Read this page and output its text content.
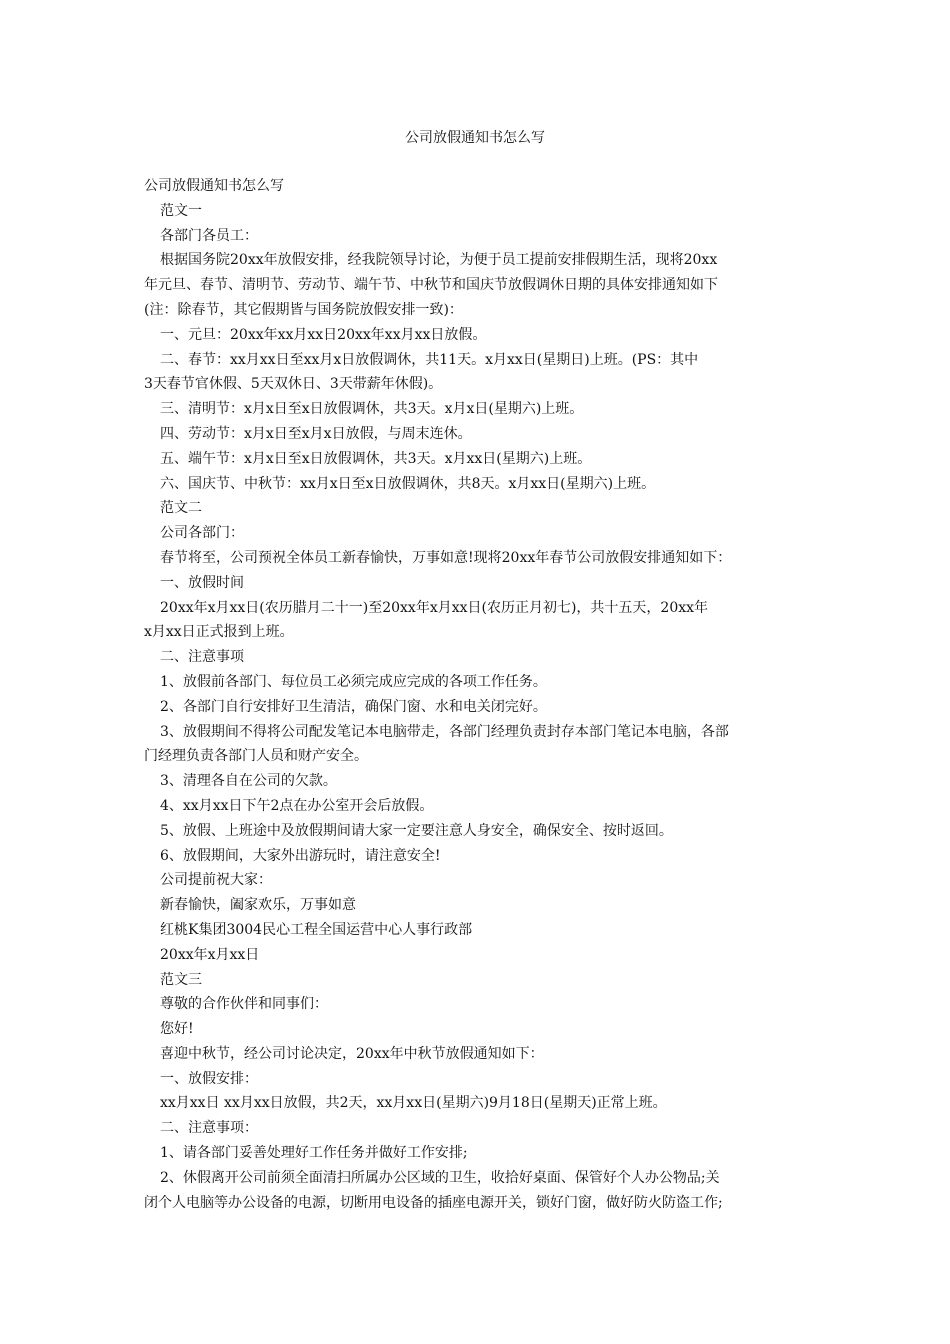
公司放假通知书怎么写
公司放假通知书怎么写
范文一
各部门各员工：
根据国务院20xx年放假安排，经我院领导讨论，为便于员工提前安排假期生活，现将20xx
年元旦、春节、清明节、劳动节、端午节、中秋节和国庆节放假调休日期的具体安排通知如下
(注：除春节，其它假期皆与国务院放假安排一致)：
一、元旦：20xx年xx月xx日20xx年xx月xx日放假。
二、春节：xx月xx日至xx月x日放假调休，共11天。x月xx日(星期日)上班。(PS：其中
3天春节官休假、5天双休日、3天带薪年休假)。
三、清明节：x月x日至x日放假调休，共3天。x月x日(星期六)上班。
四、劳动节：x月x日至x月x日放假，与周末连休。
五、端午节：x月x日至x日放假调休，共3天。x月xx日(星期六)上班。
六、国庆节、中秋节：xx月x日至x日放假调休，共8天。x月xx日(星期六)上班。
范文二
公司各部门：
春节将至，公司预祝全体员工新春愉快，万事如意!现将20xx年春节公司放假安排通知如下：
一、放假时间
20xx年x月xx日(农历腊月二十一)至20xx年x月xx日(农历正月初七)，共十五天，20xx年
x月xx日正式报到上班。
二、注意事项
1、放假前各部门、每位员工必须完成应完成的各项工作任务。
2、各部门自行安排好卫生清洁，确保门窗、水和电关闭完好。
3、放假期间不得将公司配发笔记本电脑带走，各部门经理负责封存本部门笔记本电脑，各部
门经理负责各部门人员和财产安全。
3、清理各自在公司的欠款。
4、xx月xx日下午2点在办公室开会后放假。
5、放假、上班途中及放假期间请大家一定要注意人身安全，确保安全、按时返回。
6、放假期间，大家外出游玩时，请注意安全!
公司提前祝大家：
新春愉快，阖家欢乐，万事如意
红桃K集团3004民心工程全国运营中心人事行政部
20xx年x月xx日
范文三
尊敬的合作伙伴和同事们：
您好!
喜迎中秋节，经公司讨论决定，20xx年中秋节放假通知如下：
一、放假安排：
xx月xx日 xx月xx日放假，共2天，xx月xx日(星期六)9月18日(星期天)正常上班。
二、注意事项：
1、请各部门妥善处理好工作任务并做好工作安排;
2、休假离开公司前须全面清扫所属办公区域的卫生，收拾好桌面、保管好个人办公物品;关
闭个人电脑等办公设备的电源，切断用电设备的插座电源开关，锁好门窗，做好防火防盗工作;
